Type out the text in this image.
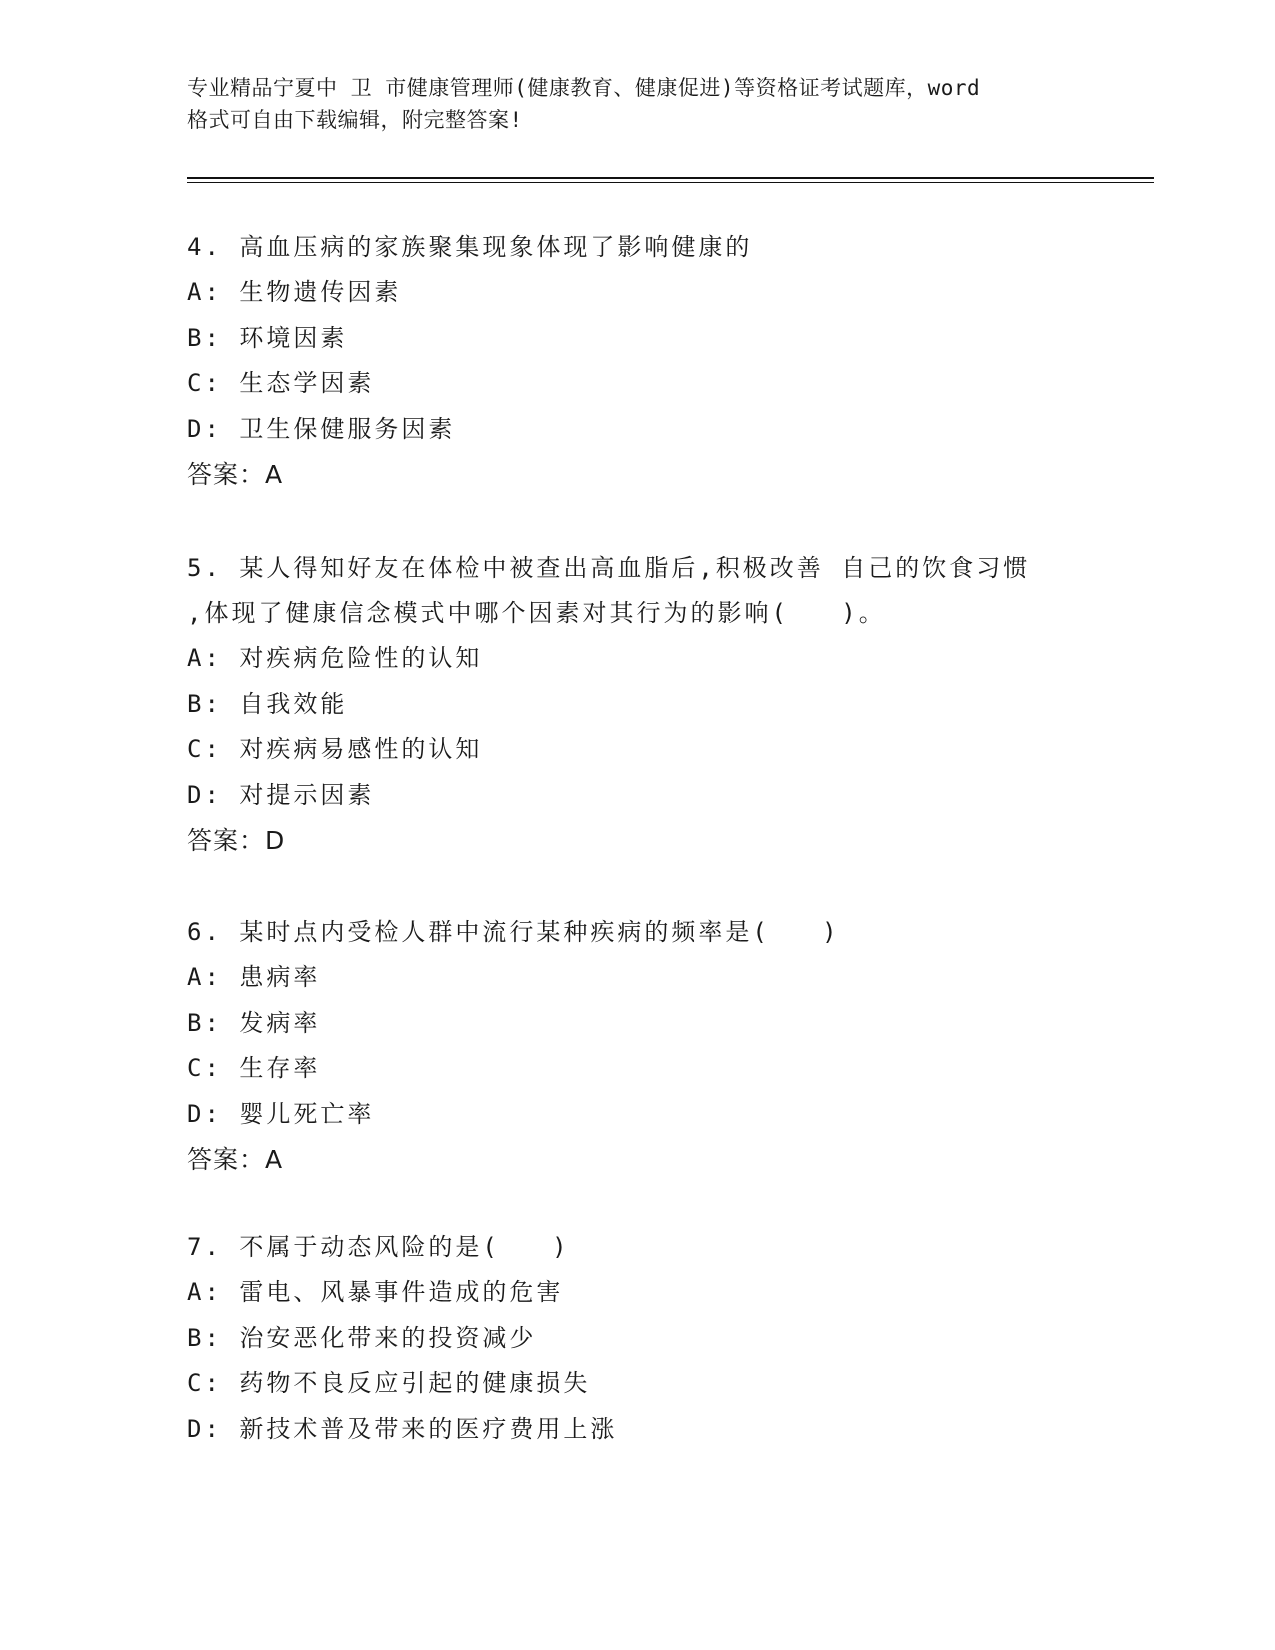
专业精品宁夏中 卫 市健康管理师(健康教育、健康促进)等资格证考试题库，word
格式可自由下载编辑，附完整答案!
4. 高血压病的家族聚集现象体现了影响健康的
A: 生物遗传因素
B: 环境因素
C: 生态学因素
D: 卫生保健服务因素
答案：A
5. 某人得知好友在体检中被查出高血脂后,积极改善 自己的饮食习惯
,体现了健康信念模式中哪个因素对其行为的影响(   )。
A: 对疾病危险性的认知
B: 自我效能
C: 对疾病易感性的认知
D: 对提示因素
答案：D
6. 某时点内受检人群中流行某种疾病的频率是(   )
A: 患病率
B: 发病率
C: 生存率
D: 婴儿死亡率
答案：A
7. 不属于动态风险的是(   )
A: 雷电、风暴事件造成的危害
B: 治安恶化带来的投资减少
C: 药物不良反应引起的健康损失
D: 新技术普及带来的医疗费用上涨
